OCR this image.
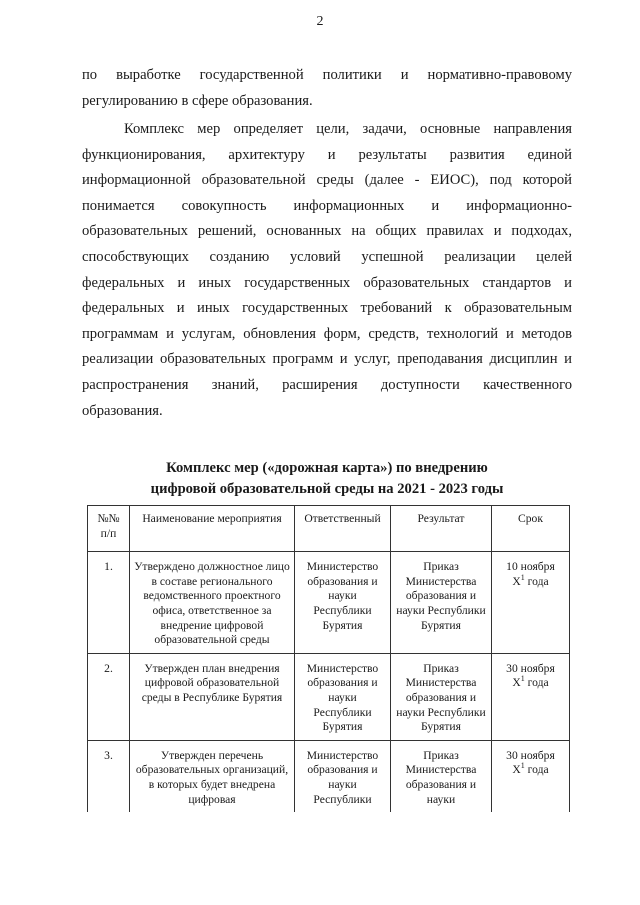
2
по выработке государственной политики и нормативно-правовому
регулированию в сфере образования.
Комплекс мер определяет цели, задачи, основные направления
функционирования, архитектуру и результаты развития единой
информационной образовательной среды (далее - ЕИОС), под которой
понимается совокупность информационных и информационно-
образовательных решений, основанных на общих правилах и подходах,
способствующих созданию условий успешной реализации целей
федеральных и иных государственных образовательных стандартов и
федеральных и иных государственных требований к образовательным
программам и услугам, обновления форм, средств, технологий и методов
реализации образовательных программ и услуг, преподавания дисциплин и
распространения знаний, расширения доступности качественного
образования.
Комплекс мер («дорожная карта») по внедрению
цифровой образовательной среды на 2021 - 2023 годы
№№
п/п	Наименование мероприятия	Ответственный	Результат	Срок
1.	Утверждено должностное лицо в составе регионального ведомственного проектного офиса, ответственное за внедрение цифровой образовательной среды	Министерство образования и науки Республики Бурятия	Приказ Министерства образования и науки Республики Бурятия	10 ноября
$X^1$ года

2.	Утвержден план внедрения цифровой образовательной среды в Республике Бурятия	Министерство образования и науки Республики Бурятия	Приказ Министерства образования и науки Республики Бурятия	30 ноября
$X^1$ года

3.	Утвержден перечень образовательных организаций, в которых будет внедрена цифровая	Министерство образования и науки Республики	Приказ Министерства образования и науки	30 ноября
$X^1$ года
